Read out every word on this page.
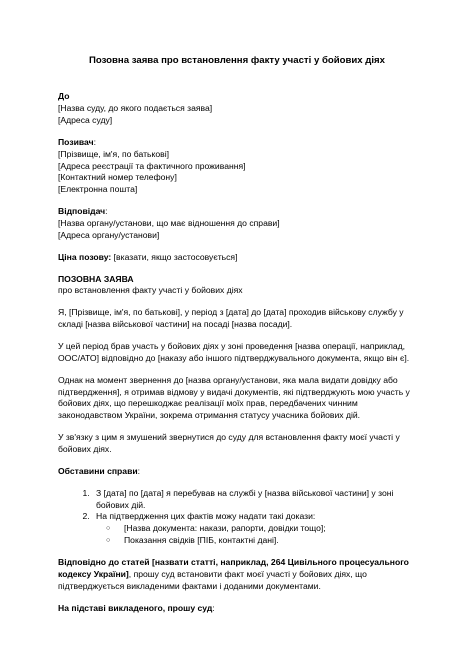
Позовна заява про встановлення факту участі у бойових діях
До
[Назва суду, до якого подається заява]
[Адреса суду]
Позивач:
[Прізвище, ім'я, по батькові]
[Адреса реєстрації та фактичного проживання]
[Контактний номер телефону]
[Електронна пошта]
Відповідач:
[Назва органу/установи, що має відношення до справи]
[Адреса органу/установи]
Ціна позову: [вказати, якщо застосовується]
ПОЗОВНА ЗАЯВА
про встановлення факту участі у бойових діях

Я, [Прізвище, ім'я, по батькові], у період з [дата] до [дата] проходив військову службу у складі [назва військової частини] на посаді [назва посади].

У цей період брав участь у бойових діях у зоні проведення [назва операції, наприклад, ООС/АТО] відповідно до [наказу або іншого підтверджувального документа, якщо він є].

Однак на момент звернення до [назва органу/установи, яка мала видати довідку або підтвердження], я отримав відмову у видачі документів, які підтверджують мою участь у бойових діях, що перешкоджає реалізації моїх прав, передбачених чинним законодавством України, зокрема отримання статусу учасника бойових дій.

У зв'язку з цим я змушений звернутися до суду для встановлення факту моєї участі у бойових діях.

Обставини справи:

1. З [дата] по [дата] я перебував на службі у [назва військової частини] у зоні бойових дій.
2. На підтвердження цих фактів можу надати такі докази:
○ [Назва документа: накази, рапорти, довідки тощо];
○ Показання свідків [ПІБ, контактні дані].

Відповідно до статей [назвати статті, наприклад, 264 Цивільного процесуального кодексу України], прошу суд встановити факт моєї участі у бойових діях, що підтверджується викладеними фактами і доданими документами.

На підставі викладеного, прошу суд:
